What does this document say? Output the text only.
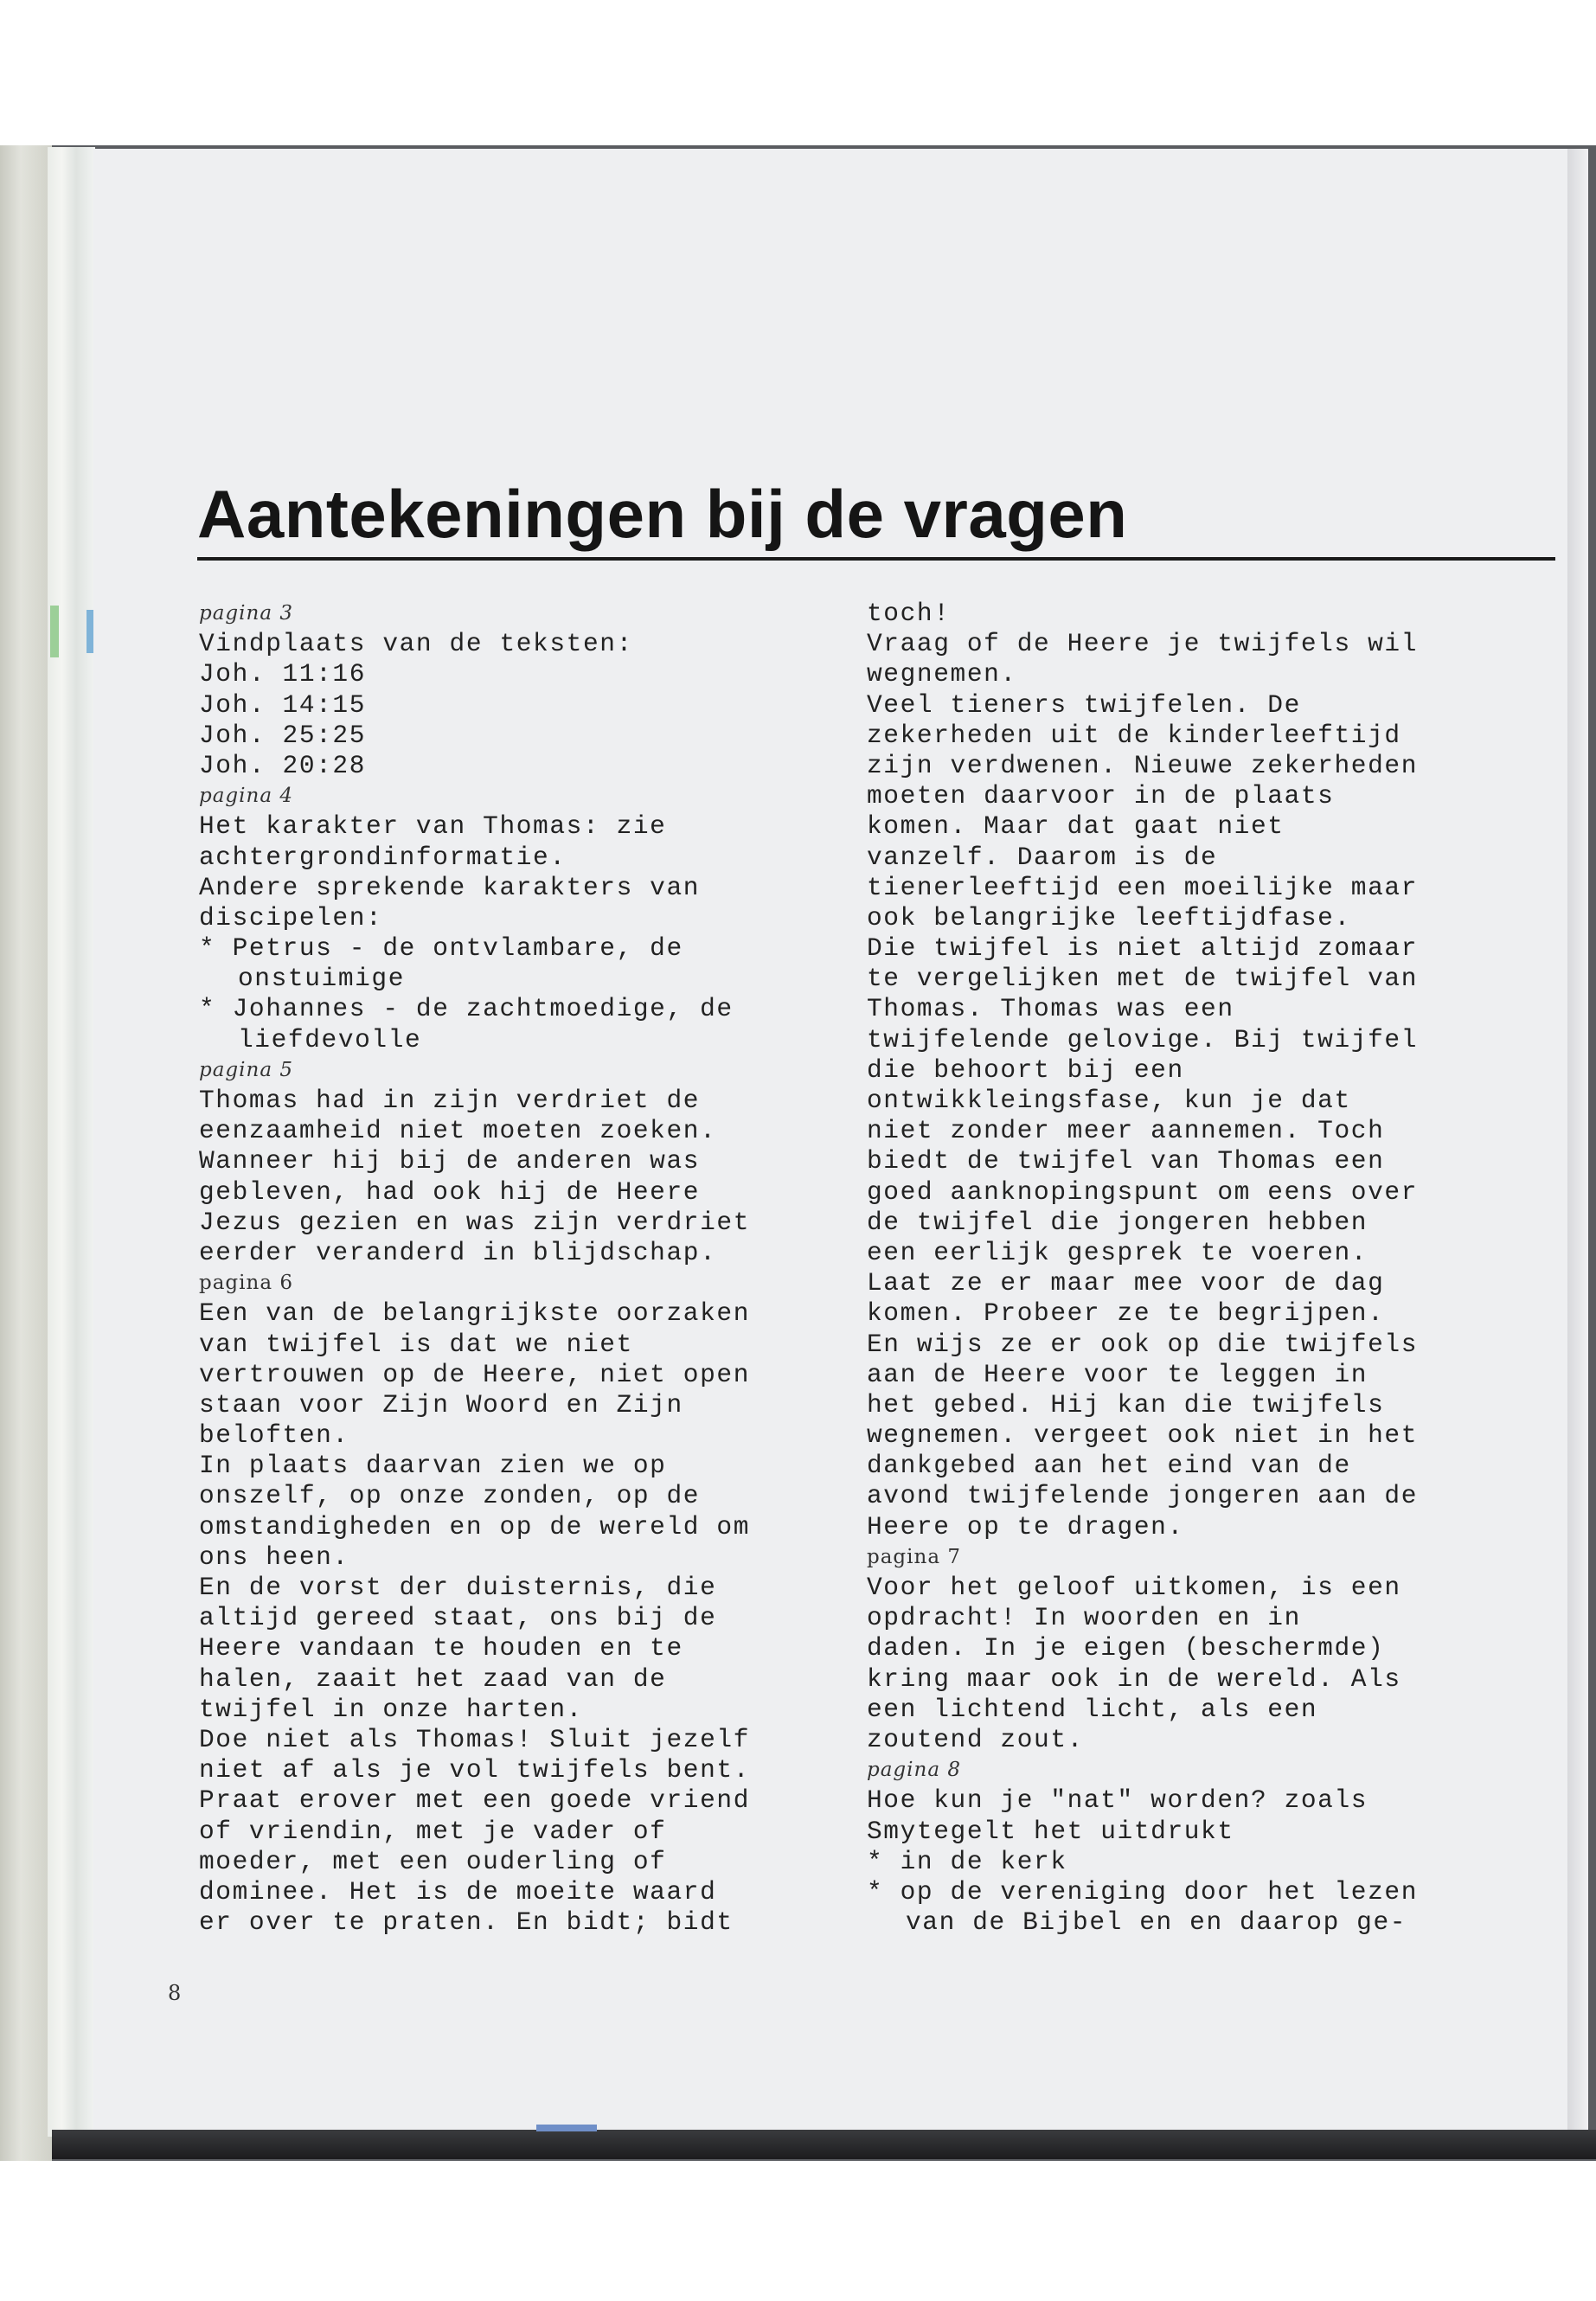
Aantekeningen bij de vragen
pagina 3
Vindplaats van de teksten:
Joh. 11:16
Joh. 14:15
Joh. 25:25
Joh. 20:28
pagina 4
Het karakter van Thomas: zie
achtergrondinformatie.
Andere sprekende karakters van
discipelen:
* Petrus - de ontvlambare, de
onstuimige
* Johannes - de zachtmoedige, de
liefdevolle
pagina 5
Thomas had in zijn verdriet de
eenzaamheid niet moeten zoeken.
Wanneer hij bij de anderen was
gebleven, had ook hij de Heere
Jezus gezien en was zijn verdriet
eerder veranderd in blijdschap.
pagina 6
Een van de belangrijkste oorzaken
van twijfel is dat we niet
vertrouwen op de Heere, niet open
staan voor Zijn Woord en Zijn
beloften.
In plaats daarvan zien we op
onszelf, op onze zonden, op de
omstandigheden en op de wereld om
ons heen.
En de vorst der duisternis, die
altijd gereed staat, ons bij de
Heere vandaan te houden en te
halen, zaait het zaad van de
twijfel in onze harten.
Doe niet als Thomas! Sluit jezelf
niet af als je vol twijfels bent.
Praat erover met een goede vriend
of vriendin, met je vader of
moeder, met een ouderling of
dominee. Het is de moeite waard
er over te praten. En bidt; bidt
toch!
Vraag of de Heere je twijfels wil
wegnemen.
Veel tieners twijfelen. De
zekerheden uit de kinderleeftijd
zijn verdwenen. Nieuwe zekerheden
moeten daarvoor in de plaats
komen. Maar dat gaat niet
vanzelf. Daarom is de
tienerleeftijd een moeilijke maar
ook belangrijke leeftijdfase.
Die twijfel is niet altijd zomaar
te vergelijken met de twijfel van
Thomas. Thomas was een
twijfelende gelovige. Bij twijfel
die behoort bij een
ontwikkleingsfase, kun je dat
niet zonder meer aannemen. Toch
biedt de twijfel van Thomas een
goed aanknopingspunt om eens over
de twijfel die jongeren hebben
een eerlijk gesprek te voeren.
Laat ze er maar mee voor de dag
komen. Probeer ze te begrijpen.
En wijs ze er ook op die twijfels
aan de Heere voor te leggen in
het gebed. Hij kan die twijfels
wegnemen. vergeet ook niet in het
dankgebed aan het eind van de
avond twijfelende jongeren aan de
Heere op te dragen.
pagina 7
Voor het geloof uitkomen, is een
opdracht! In woorden en in
daden. In je eigen (beschermde)
kring maar ook in de wereld. Als
een lichtend licht, als een
zoutend zout.
pagina 8
Hoe kun je "nat" worden? zoals
Smytegelt het uitdrukt
* in de kerk
* op de vereniging door het lezen
van de Bijbel en en daarop ge-
8
